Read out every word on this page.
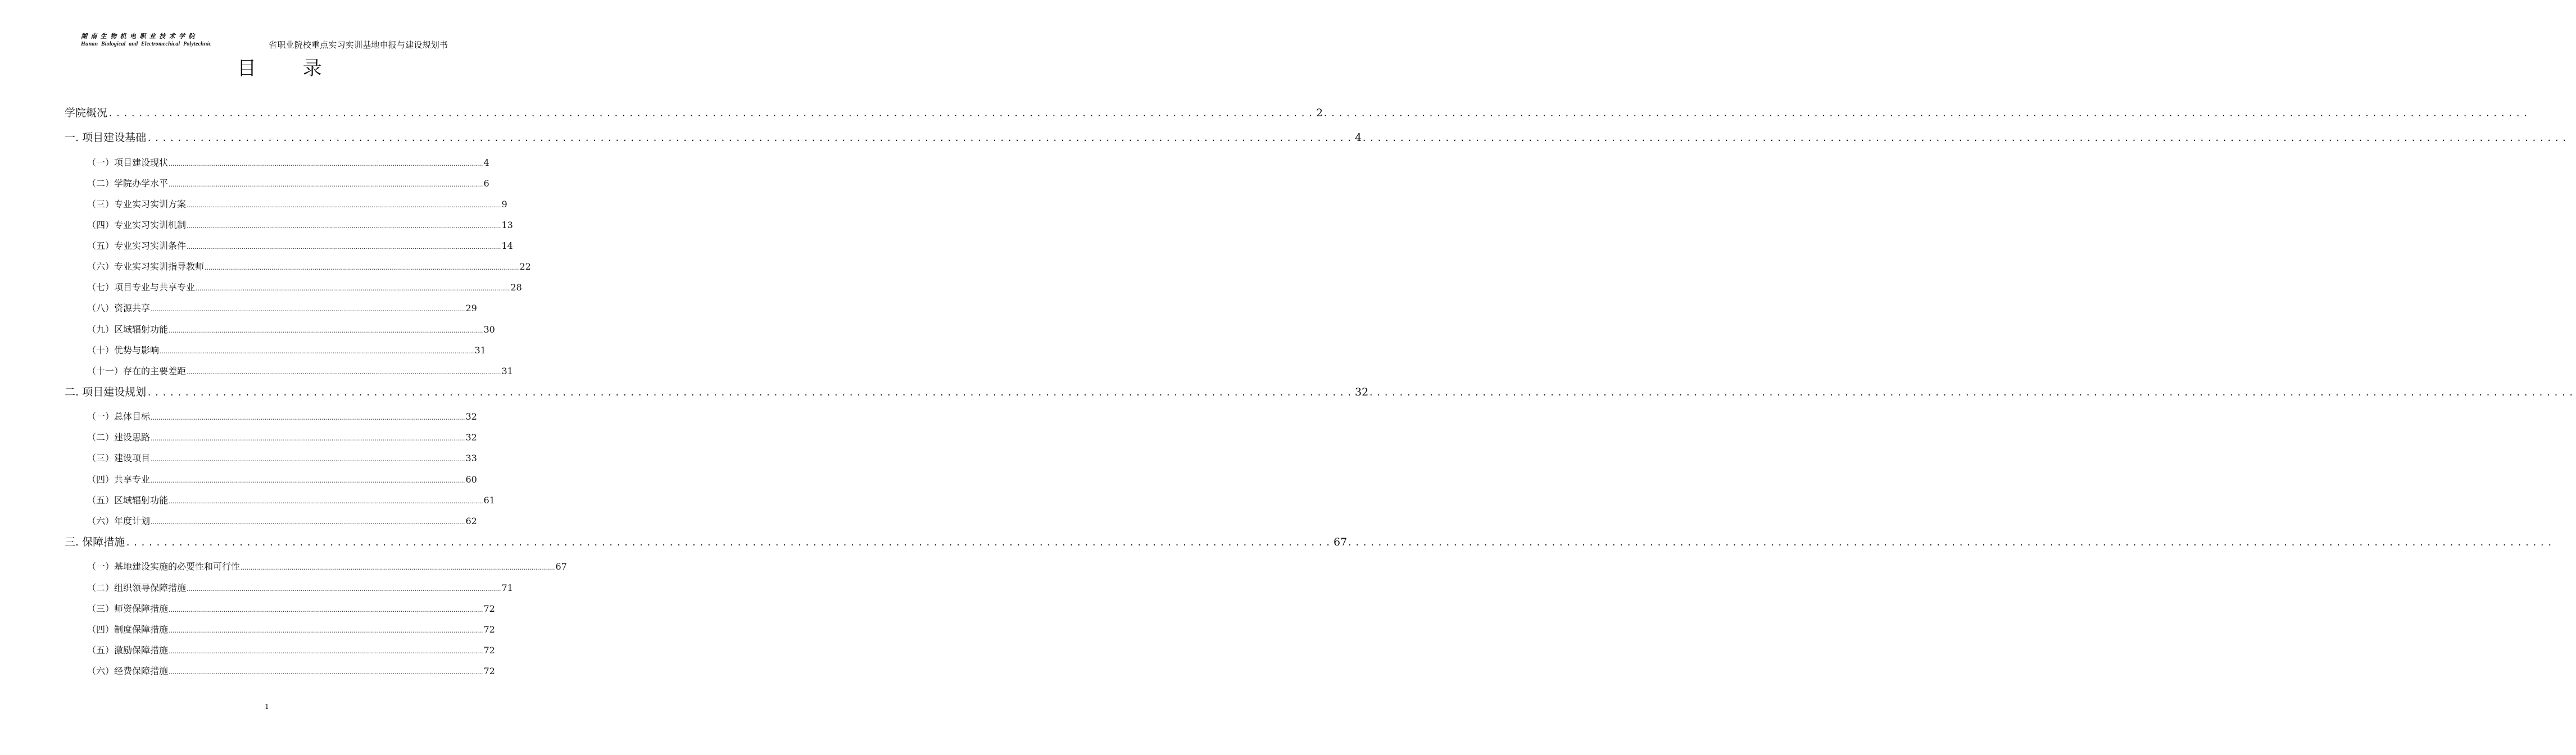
湖南生物机电职业技术学院
Hunan Biological and Electromechical Polytechnic	省职业院校重点实习实训基地申报与建设规划书
目 录
学院概况 ................................................................................................................................................................ 2 ................................................................................................................................................................
一. 项目建设基础 ................................................................................................................................................................ 4 ................................................................................................................................................................
（一）项目建设现状 ................................................................................................................................................................ 4
（二）学院办学水平 ................................................................................................................................................................ 6
（三）专业实习实训方案 ................................................................................................................................................................ 9
（四）专业实习实训机制 ................................................................................................................................................................ 13
（五）专业实习实训条件 ................................................................................................................................................................ 14
（六）专业实习实训指导教师 ................................................................................................................................................................ 22
（七）项目专业与共享专业 ................................................................................................................................................................ 28
（八）资源共享 ................................................................................................................................................................ 29
（九）区域辐射功能 ................................................................................................................................................................ 30
（十）优势与影响 ................................................................................................................................................................ 31
（十一）存在的主要差距 ................................................................................................................................................................ 31
二. 项目建设规划 ................................................................................................................................................................ 32 ................................................................................................................................................................
（一）总体目标 ................................................................................................................................................................ 32
（二）建设思路 ................................................................................................................................................................ 32
（三）建设项目 ................................................................................................................................................................ 33
（四）共享专业 ................................................................................................................................................................ 60
（五）区域辐射功能 ................................................................................................................................................................ 61
（六）年度计划 ................................................................................................................................................................ 62
三. 保障措施 ................................................................................................................................................................ 67 ................................................................................................................................................................
（一）基地建设实施的必要性和可行性 ................................................................................................................................................................ 67
（二）组织领导保障措施 ................................................................................................................................................................ 71
（三）师资保障措施 ................................................................................................................................................................ 72
（四）制度保障措施 ................................................................................................................................................................ 72
（五）激励保障措施 ................................................................................................................................................................ 72
（六）经费保障措施 ................................................................................................................................................................ 72
1
